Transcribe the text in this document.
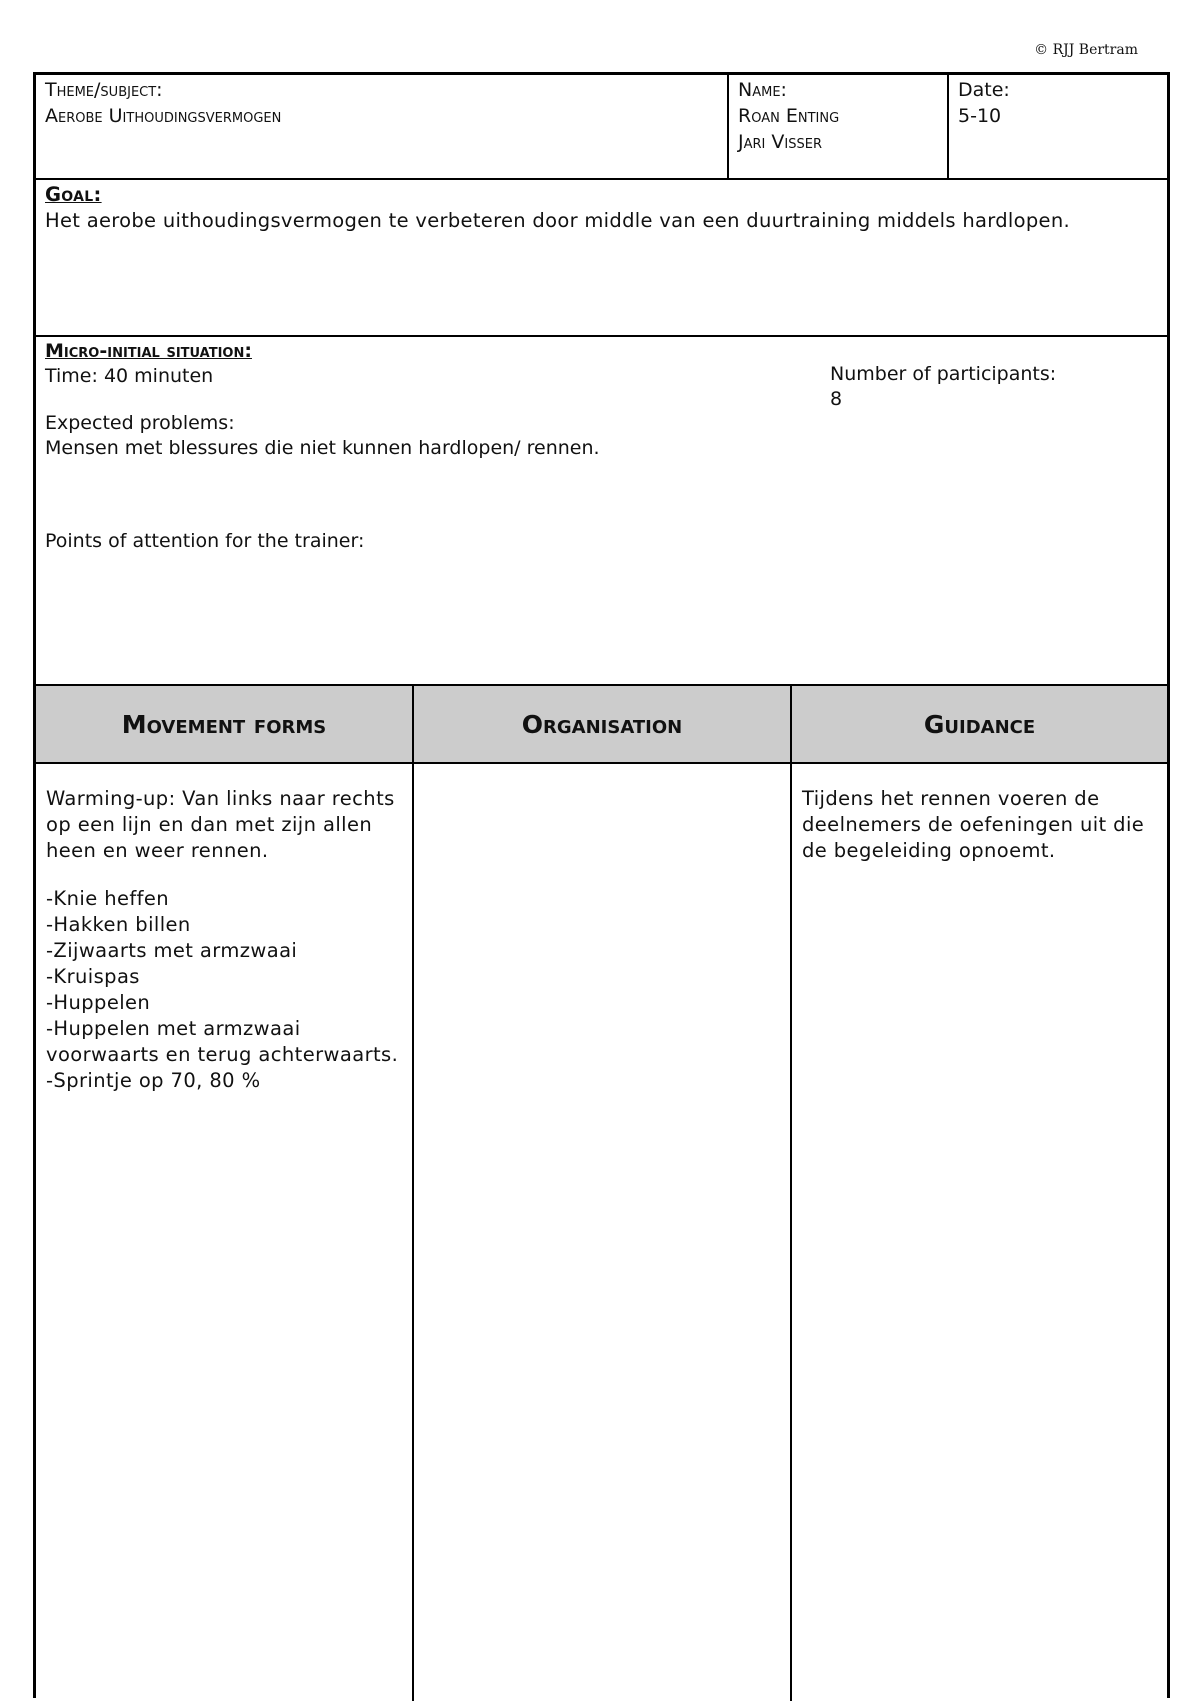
© RJJ Bertram
Theme/subject:
Aerobe Uithoudingsvermogen
Name:
Roan Enting
Jari Visser
Date:
5-10
Goal:
Het aerobe uithoudingsvermogen te verbeteren door middle van een duurtraining middels hardlopen.
Micro-initial situation:
Time: 40 minuten
Expected problems:
Mensen met blessures die niet kunnen hardlopen/ rennen.
Points of attention for the trainer:
Number of participants:
8
Movement forms	Organisation	Guidance
Warming-up: Van links naar rechts op een lijn en dan met zijn allen heen en weer rennen.
-Knie heffen
-Hakken billen
-Zijwaarts met armzwaai
-Kruispas
-Huppelen
-Huppelen met armzwaai voorwaarts en terug achterwaarts.
-Sprintje op 70, 80 %
Tijdens het rennen voeren de deelnemers de oefeningen uit die de begeleiding opnoemt.
